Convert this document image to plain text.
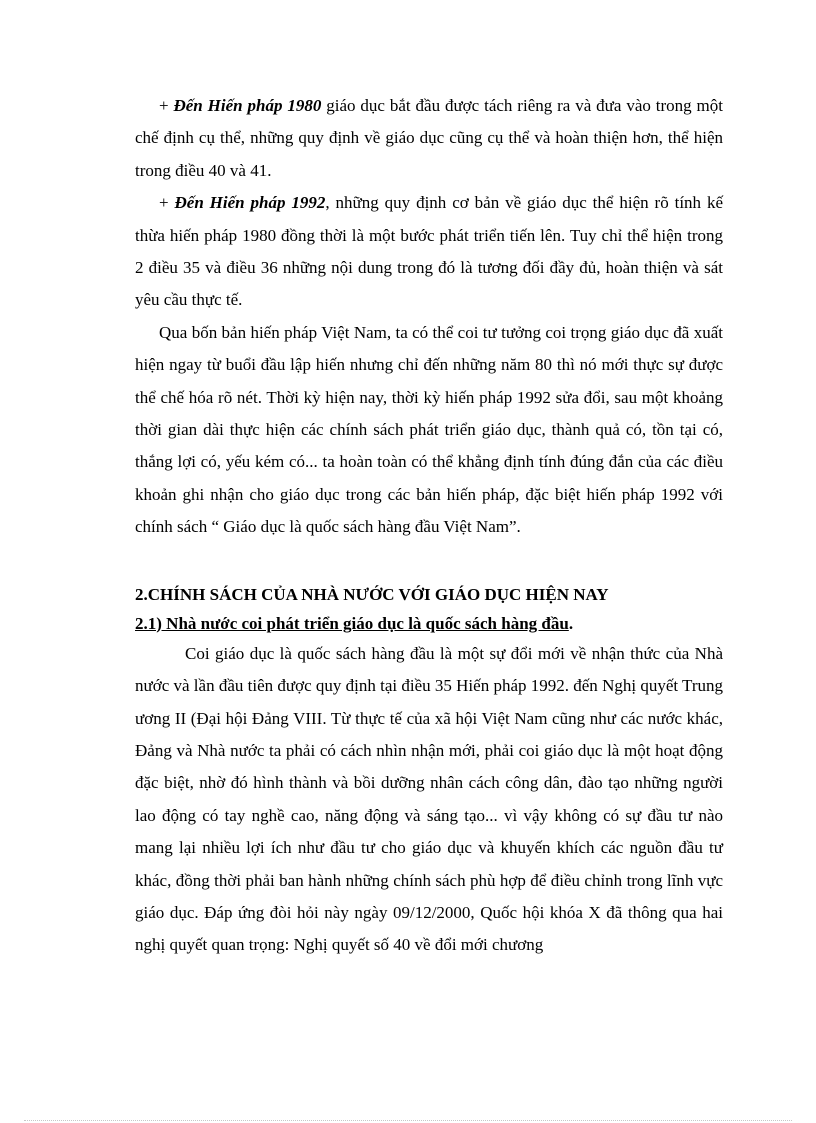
+ Đến Hiến pháp 1980 giáo dục bắt đầu được tách riêng ra và đưa vào trong một chế định cụ thể, những quy định về giáo dục cũng cụ thể và hoàn thiện hơn, thể hiện trong điều 40 và 41.

+ Đến Hiến pháp 1992, những quy định cơ bản về giáo dục thể hiện rõ tính kế thừa hiến pháp 1980 đồng thời là một bước phát triển tiến lên. Tuy chỉ thể hiện trong 2 điều 35 và điều 36 những nội dung trong đó là tương đối đầy đủ, hoàn thiện và sát yêu cầu thực tế.

Qua bốn bản hiến pháp Việt Nam, ta có thể coi tư tưởng coi trọng giáo dục đã xuất hiện ngay từ buổi đầu lập hiến nhưng chỉ đến những năm 80 thì nó mới thực sự được thể chế hóa rõ nét. Thời kỳ hiện nay, thời kỳ hiến pháp 1992 sửa đổi, sau một khoảng thời gian dài thực hiện các chính sách phát triển giáo dục, thành quả có, tồn tại có, thắng lợi có, yếu kém có... ta hoàn toàn có thể khẳng định tính đúng đắn của các điều khoản ghi nhận cho giáo dục trong các bản hiến pháp, đặc biệt hiến pháp 1992 với chính sách “ Giáo dục là quốc sách hàng đầu Việt Nam”.

2.CHÍNH SÁCH CỦA NHÀ NƯỚC VỚI GIÁO DỤC HIỆN NAY
2.1) Nhà nước coi phát triển giáo dục là quốc sách hàng đầu.

Coi giáo dục là quốc sách hàng đầu là một sự đổi mới về nhận thức của Nhà nước và lần đầu tiên được quy định tại điều 35 Hiến pháp 1992. đến Nghị quyết Trung ương II (Đại hội Đảng VIII. Từ thực tế của xã hội Việt Nam cũng như các nước khác, Đảng và Nhà nước ta phải có cách nhìn nhận mới, phải coi giáo dục là một hoạt động đặc biệt, nhờ đó hình thành và bồi dưỡng nhân cách công dân, đào tạo những người lao động có tay nghề cao, năng động và sáng tạo... vì vậy không có sự đầu tư nào mang lại nhiều lợi ích như đầu tư cho giáo dục và khuyến khích các nguồn đầu tư khác, đồng thời phải ban hành những chính sách phù hợp để điều chỉnh trong lĩnh vực giáo dục. Đáp ứng đòi hỏi này ngày 09/12/2000, Quốc hội khóa X đã thông qua hai nghị quyết quan trọng: Nghị quyết số 40 về đổi mới chương
